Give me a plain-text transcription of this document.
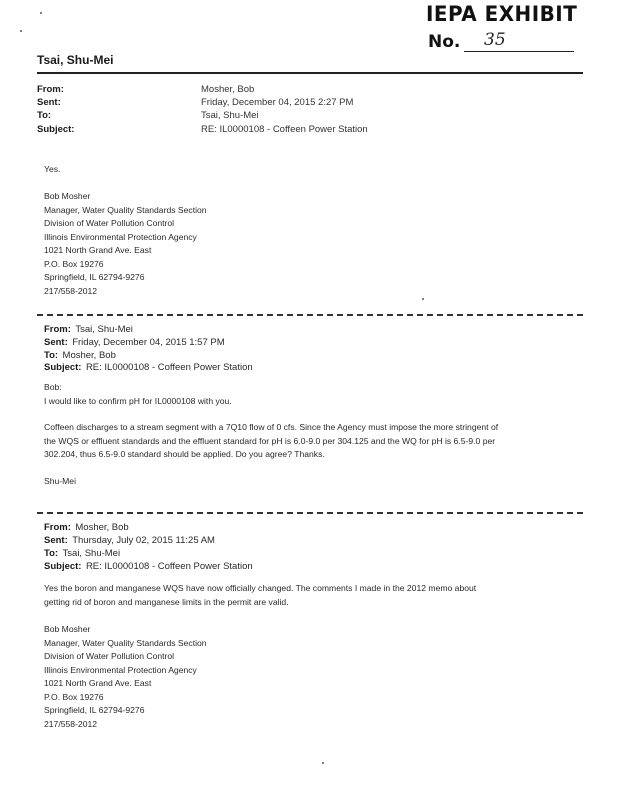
IEPA EXHIBIT
No. 35
Tsai, Shu-Mei
From:	Mosher, Bob
Sent:	Friday, December 04, 2015 2:27 PM
To:	Tsai, Shu-Mei
Subject:	RE: IL0000108 - Coffeen Power Station
Yes.
Bob Mosher
Manager, Water Quality Standards Section
Division of Water Pollution Control
Illinois Environmental Protection Agency
1021 North Grand Ave. East
P.O. Box 19276
Springfield, IL 62794-9276
217/558-2012
From: Tsai, Shu-Mei
Sent: Friday, December 04, 2015 1:57 PM
To: Mosher, Bob
Subject: RE: IL0000108 - Coffeen Power Station
Bob:
I would like to confirm pH for IL0000108 with you.
Coffeen discharges to a stream segment with a 7Q10 flow of 0 cfs. Since the Agency must impose the more stringent of
the WQS or effluent standards and the effluent standard for pH is 6.0-9.0 per 304.125 and the WQ for pH is 6.5-9.0 per
302.204, thus 6.5-9.0 standard should be applied. Do you agree? Thanks.
Shu-Mei
From: Mosher, Bob
Sent: Thursday, July 02, 2015 11:25 AM
To: Tsai, Shu-Mei
Subject: RE: IL0000108 - Coffeen Power Station
Yes the boron and manganese WQS have now officially changed. The comments I made in the 2012 memo about
getting rid of boron and manganese limits in the permit are valid.
Bob Mosher
Manager, Water Quality Standards Section
Division of Water Pollution Control
Illinois Environmental Protection Agency
1021 North Grand Ave. East
P.O. Box 19276
Springfield, IL 62794-9276
217/558-2012
